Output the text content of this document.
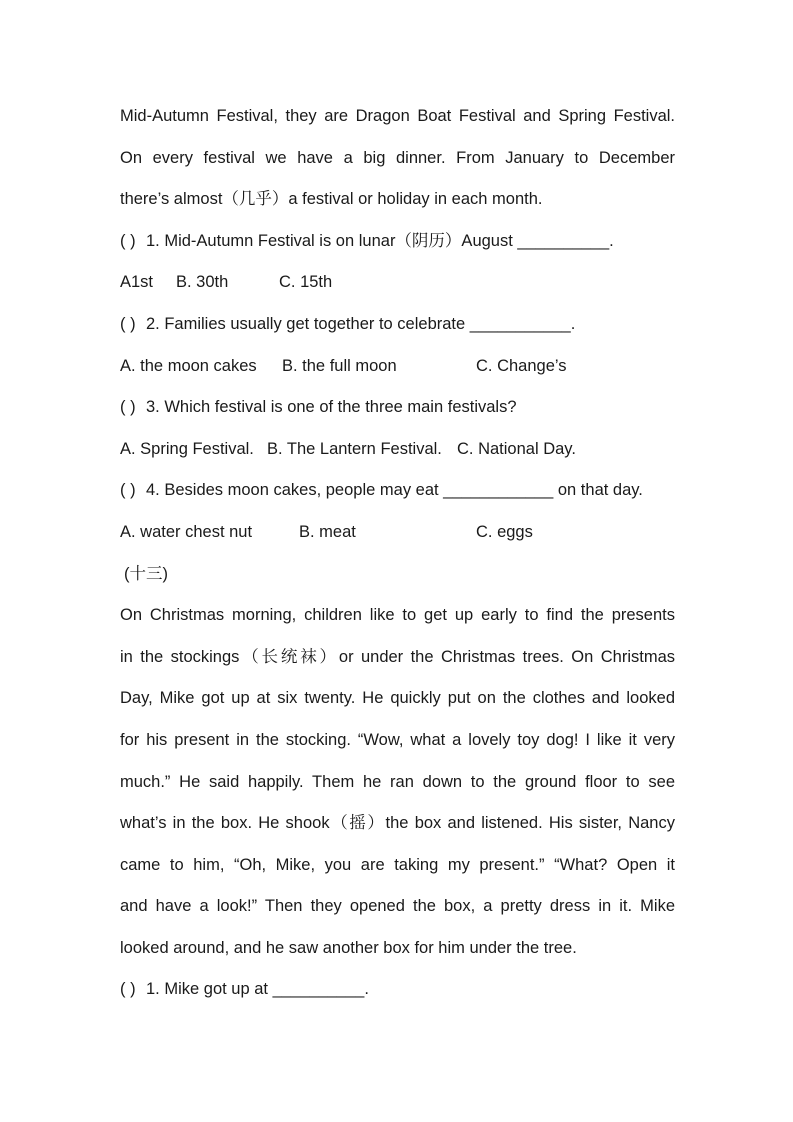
Mid-Autumn Festival, they are Dragon Boat Festival and Spring Festival.
On every festival we have a big dinner. From January to December
there’s almost（几乎）a festival or holiday in each month.
( ) 1. Mid-Autumn Festival is on lunar（阴历）August __________.
A1st	B. 30th	C. 15th
( ) 2. Families usually get together to celebrate ___________.
A. the moon cakes	B. the full moon	C. Change’s
( ) 3. Which festival is one of the three main festivals?
A. Spring Festival. B. The Lantern Festival. C. National Day.
( ) 4. Besides moon cakes, people may eat ____________ on that day.
A. water chest nut	B. meat	C. eggs
(十三)
On Christmas morning, children like to get up early to find the presents
in the stockings（长统袜）or under the Christmas trees. On Christmas
Day, Mike got up at six twenty. He quickly put on the clothes and looked
for his present in the stocking. “Wow, what a lovely toy dog! I like it very
much.” He said happily. Them he ran down to the ground floor to see
what’s in the box. He shook（摇）the box and listened. His sister, Nancy
came to him, “Oh, Mike, you are taking my present.” “What? Open it
and have a look!” Then they opened the box, a pretty dress in it. Mike
looked around, and he saw another box for him under the tree.
( ) 1. Mike got up at __________.
